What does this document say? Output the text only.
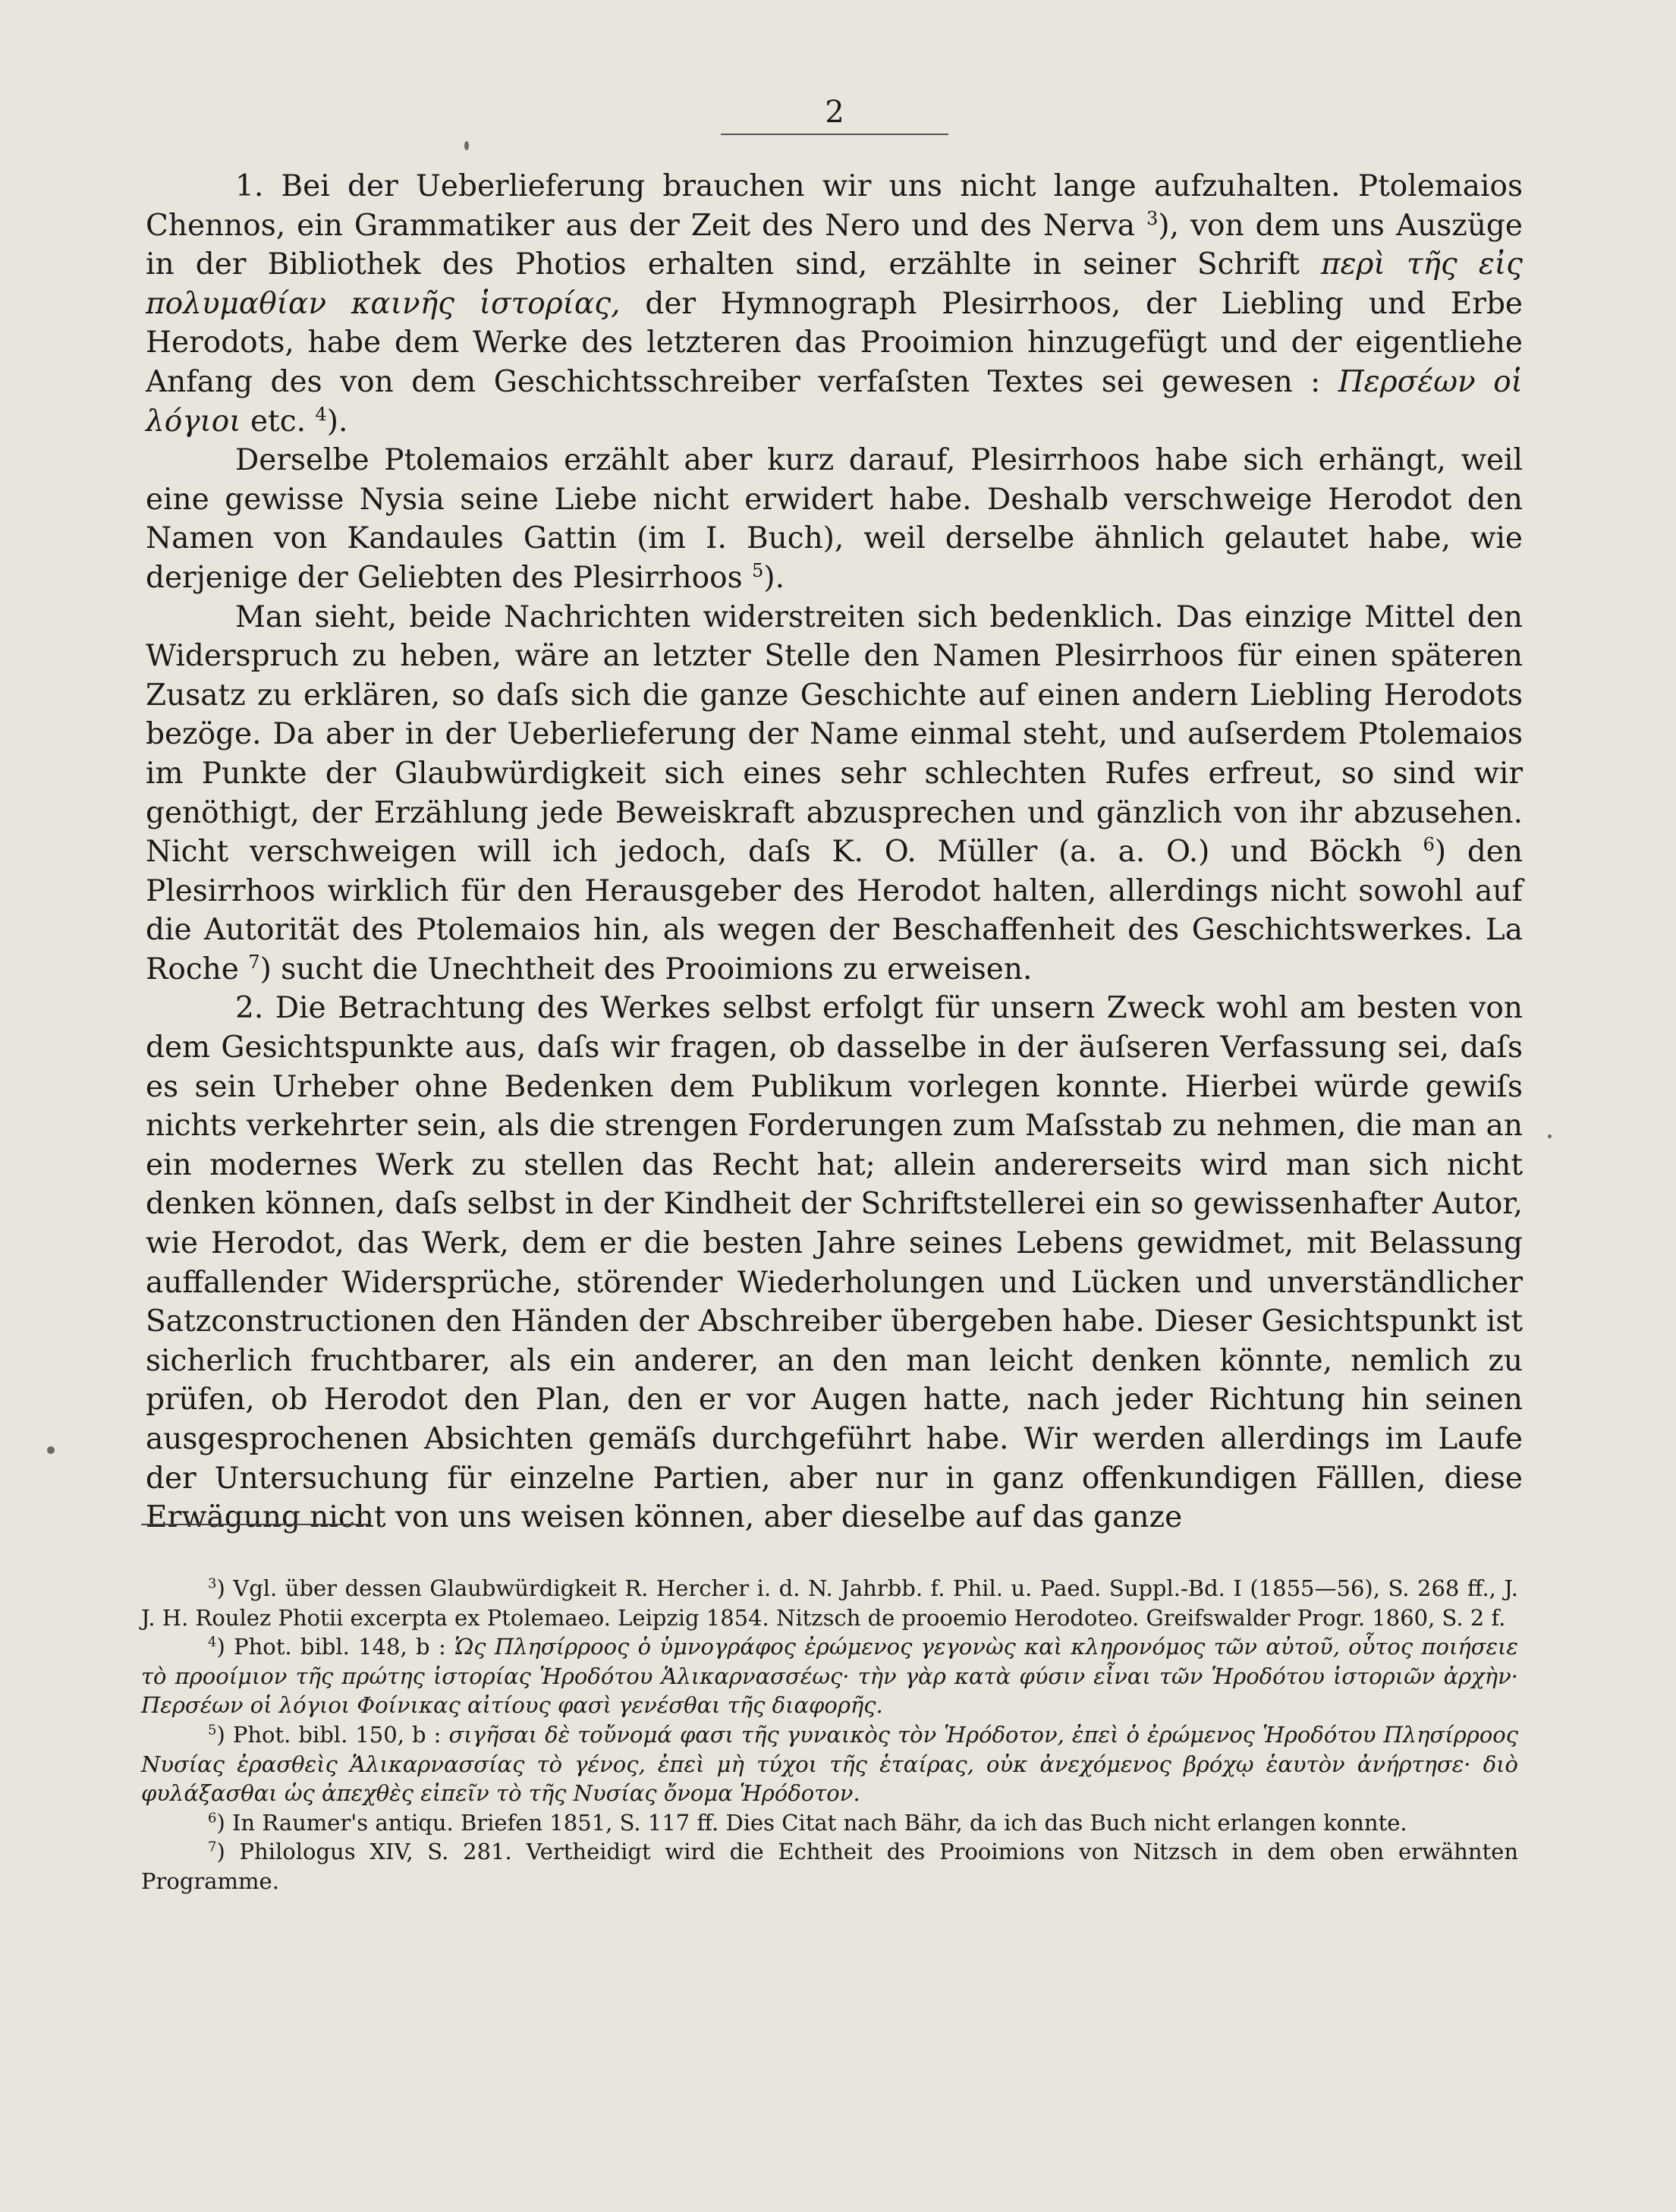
2

1. Bei der Ueberlieferung brauchen wir uns nicht lange aufzuhalten. Ptolemaios Chennos, ein Grammatiker aus der Zeit des Nero und des Nerva $^3$), von dem uns Auszüge in der Bibliothek des Photios erhalten sind, erzählte in seiner Schrift περὶ τῆς εἰς πολυμαθίαν καινῆς ἱστορίας, der Hymnograph Plesirrhoos, der Liebling und Erbe Herodots, habe dem Werke des letzteren das Prooimion hinzugefügt und der eigentliehe Anfang des von dem Geschichtsschreiber verfaſsten Textes sei gewesen : Περσέων οἱ λόγιοι etc. $^4$).

Derselbe Ptolemaios erzählt aber kurz darauf, Plesirrhoos habe sich erhängt, weil eine gewisse Nysia seine Liebe nicht erwidert habe. Deshalb verschweige Herodot den Namen von Kandaules Gattin (im I. Buch), weil derselbe ähnlich gelautet habe, wie derjenige der Geliebten des Plesirrhoos $^5$).

Man sieht, beide Nachrichten widerstreiten sich bedenklich. Das einzige Mittel den Widerspruch zu heben, wäre an letzter Stelle den Namen Plesirrhoos für einen späteren Zusatz zu erklären, so daſs sich die ganze Geschichte auf einen andern Liebling Herodots bezöge. Da aber in der Ueberlieferung der Name einmal steht, und auſserdem Ptolemaios im Punkte der Glaubwürdigkeit sich eines sehr schlechten Rufes erfreut, so sind wir genöthigt, der Erzählung jede Beweiskraft abzusprechen und gänzlich von ihr abzusehen. Nicht verschweigen will ich jedoch, daſs K. O. Müller (a. a. O.) und Böckh $^6$) den Plesirrhoos wirklich für den Herausgeber des Herodot halten, allerdings nicht sowohl auf die Autorität des Ptolemaios hin, als wegen der Beschaffenheit des Geschichtswerkes. La Roche $^7$) sucht die Unechtheit des Prooimions zu erweisen.

2. Die Betrachtung des Werkes selbst erfolgt für unsern Zweck wohl am besten von dem Gesichtspunkte aus, daſs wir fragen, ob dasselbe in der äuſseren Verfassung sei, daſs es sein Urheber ohne Bedenken dem Publikum vorlegen konnte. Hierbei würde gewiſs nichts verkehrter sein, als die strengen Forderungen zum Maſsstab zu nehmen, die man an ein modernes Werk zu stellen das Recht hat; allein andererseits wird man sich nicht denken können, daſs selbst in der Kindheit der Schriftstellerei ein so gewissenhafter Autor, wie Herodot, das Werk, dem er die besten Jahre seines Lebens gewidmet, mit Belassung auffallender Widersprüche, störender Wiederholungen und Lücken und unverständlicher Satzconstructionen den Händen der Abschreiber übergeben habe. Dieser Gesichtspunkt ist sicherlich fruchtbarer, als ein anderer, an den man leicht denken könnte, nemlich zu prüfen, ob Herodot den Plan, den er vor Augen hatte, nach jeder Richtung hin seinen ausgesprochenen Absichten gemäſs durchgeführt habe. Wir werden allerdings im Laufe der Untersuchung für einzelne Partien, aber nur in ganz offenkundigen Fälllen, diese Erwägung nicht von uns weisen können, aber dieselbe auf das ganze

$^3$) Vgl. über dessen Glaubwürdigkeit R. Hercher i. d. N. Jahrbb. f. Phil. u. Paed. Suppl.-Bd. I (1855—56), S. 268 ff., J. J. H. Roulez Photii excerpta ex Ptolemaeo. Leipzig 1854. Nitzsch de prooemio Herodoteo. Greifswalder Progr. 1860, S. 2 f.

$^4$) Phot. bibl. 148, b : Ὡς Πλησίρροος ὁ ὑμνογράφος ἐρώμενος γεγονὼς καὶ κληρονόμος τῶν αὐτοῦ, οὗτος ποιήσειε τὸ προοίμιον τῆς πρώτης ἱστορίας Ἡροδότου Ἁλικαρνασσέως· τὴν γὰρ κατὰ φύσιν εἶναι τῶν Ἡροδότου ἱστοριῶν ἀρχὴν· Περσέων οἱ λόγιοι Φοίνικας αἰτίους φασὶ γενέσθαι τῆς διαφορῆς.

$^5$) Phot. bibl. 150, b : σιγῆσαι δὲ τοὔνομά φασι τῆς γυναικὸς τὸν Ἡρόδοτον, ἐπεὶ ὁ ἐρώμενος Ἡροδότου Πλησίρροος Νυσίας ἐρασθεὶς Ἁλικαρνασσίας τὸ γένος, ἐπεὶ μὴ τύχοι τῆς ἑταίρας, οὐκ ἀνεχόμενος βρόχῳ ἑαυτὸν ἀνήρτησε· διὸ φυλάξασθαι ὡς ἀπεχθὲς εἰπεῖν τὸ τῆς Νυσίας ὄνομα Ἡρόδοτον.

$^6$) In Raumer's antiqu. Briefen 1851, S. 117 ff. Dies Citat nach Bähr, da ich das Buch nicht erlangen konnte.

$^7$) Philologus XIV, S. 281. Vertheidigt wird die Echtheit des Prooimions von Nitzsch in dem oben erwähnten Programme.
